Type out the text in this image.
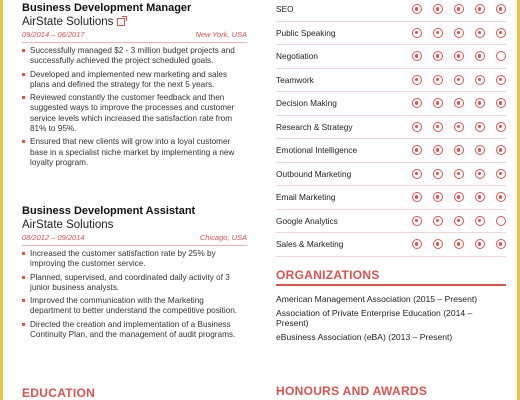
Business Development Manager
AirState Solutions
09/2014 – 06/2017	New York, USA
Successfully managed $2 - 3 million budget projects and successfully achieved the project scheduled goals.
Developed and implemented new marketing and sales plans and defined the strategy for the next 5 years.
Reviewed constantly the customer feedback and then suggested ways to improve the processes and customer service levels which increased the satisfaction rate from 81% to 95%.
Ensured that new clients will grow into a loyal customer base in a specialist niche market by implementing a new loyalty program.
Business Development Assistant
AirState Solutions
08/2012 – 09/2014	Chicago, USA
Increased the customer satisfaction rate by 25% by improving the customer service.
Planned, supervised, and coordinated daily activity of 3 junior business analysts.
Improved the communication with the Marketing department to better understand the competitive position.
Directed the creation and implementation of a Business Continuity Plan, and the management of audit programs.
EDUCATION
SEO
Public Speaking
Negotiation
Teamwork
Decision Making
Research & Strategy
Emotional Intelligence
Outbound Marketing
Email Marketing
Google Analytics
Sales & Marketing
ORGANIZATIONS
American Management Association (2015 – Present)
Association of Private Enterprise Education (2014 – Present)
eBusiness Association (eBA) (2013 – Present)
HONOURS AND AWARDS
